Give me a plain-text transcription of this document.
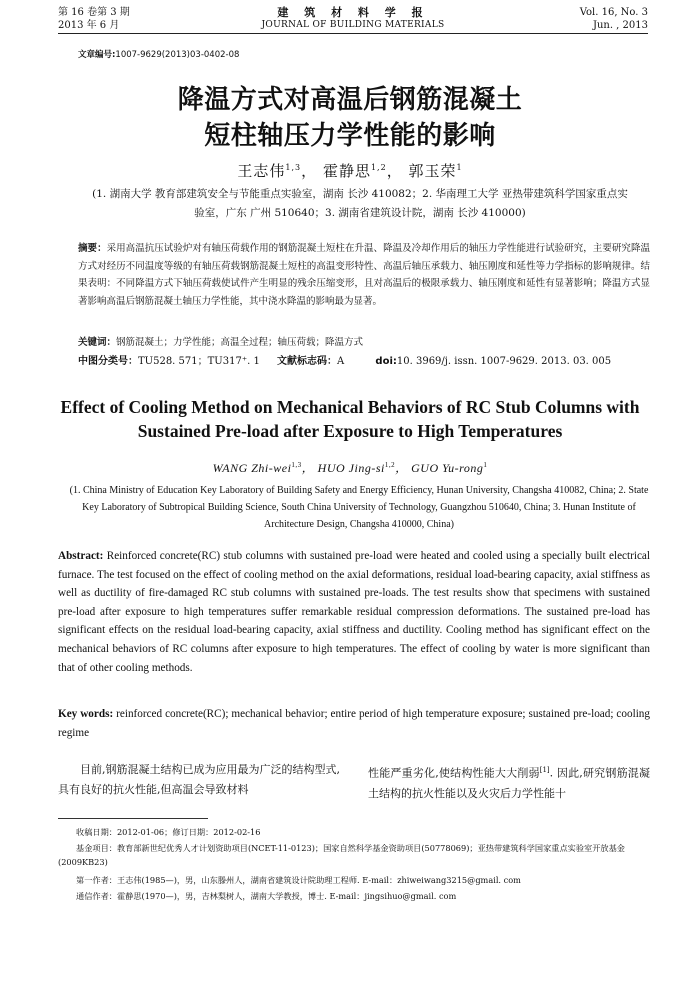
第 16 卷第 3 期
2013 年 6 月
建 筑 材 料 学 报
JOURNAL OF BUILDING MATERIALS
Vol. 16, No. 3
Jun. , 2013
文章编号:1007-9629(2013)03-0402-08
降温方式对高温后钢筋混凝土
短柱轴压力学性能的影响
王志伟$^{1,3}$， 霍静思$^{1,2}$， 郭玉荣$^1$
(1. 湖南大学 教育部建筑安全与节能重点实验室，湖南 长沙 410082；2. 华南理工大学 亚热带建筑科学国家重点实验室，广东 广州 510640；3. 湖南省建筑设计院，湖南 长沙 410000)
摘要：采用高温抗压试验炉对有轴压荷载作用的钢筋混凝土短柱在升温、降温及冷却作用后的轴压力学性能进行试验研究，主要研究降温方式对经历不同温度等级的有轴压荷载钢筋混凝土短柱的高温变形特性、高温后轴压承载力、轴压刚度和延性等力学指标的影响规律。结果表明：不同降温方式下轴压荷载使试件产生明显的残余压缩变形，且对高温后的极限承载力、轴压刚度和延性有显著影响；降温方式显著影响高温后钢筋混凝土轴压力学性能，其中浇水降温的影响最为显著。
关键词：钢筋混凝土；力学性能；高温全过程；轴压荷载；降温方式
中图分类号：TU528. 571；TU317⁺. 1 文献标志码：A	doi:10. 3969/j. issn. 1007-9629. 2013. 03. 005
Effect of Cooling Method on Mechanical Behaviors of RC Stub Columns with
Sustained Pre-load after Exposure to High Temperatures
WANG Zhi-wei$^{1,3}$， HUO Jing-si$^{1,2}$， GUO Yu-rong$^1$
(1. China Ministry of Education Key Laboratory of Building Safety and Energy Efficiency, Hunan University, Changsha 410082, China; 2. State Key Laboratory of Subtropical Building Science, South China University of Technology, Guangzhou 510640, China; 3. Hunan Institute of Architecture Design, Changsha 410000, China)
Abstract: Reinforced concrete(RC) stub columns with sustained pre-load were heated and cooled using a specially built electrical furnace. The test focused on the effect of cooling method on the axial deformations, residual load-bearing capacity, axial stiffness as well as ductility of fire-damaged RC stub columns with sustained pre-loads. The test results show that specimens with sustained pre-load after exposure to high temperatures suffer remarkable residual compression deformations. The sustained pre-load has significant effects on the residual load-bearing capacity, axial stiffness and ductility. Cooling method has significant effect on the mechanical behaviors of RC columns after exposure to high temperatures. The effect of cooling by water is more significant than that of other cooling methods.
Key words: reinforced concrete(RC); mechanical behavior; entire period of high temperature exposure; sustained pre-load; cooling regime
目前,钢筋混凝土结构已成为应用最为广泛的结构型式,具有良好的抗火性能,但高温会导致材料
性能严重劣化,使结构性能大大削弱[1]. 因此,研究钢筋混凝土结构的抗火性能以及火灾后力学性能十
收稿日期：2012-01-06；修订日期：2012-02-16
基金项目：教育部新世纪优秀人才计划资助项目(NCET-11-0123)；国家自然科学基金资助项目(50778069)；亚热带建筑科学国家重点实验室开放基金(2009KB23)
第一作者：王志伟(1985—)，男，山东滕州人，湖南省建筑设计院助理工程师. E-mail：zhiweiwang3215@gmail. com
通信作者：霍静思(1970—)，男，吉林梨树人，湖南大学教授，博士. E-mail：jingsihuo@gmail. com
